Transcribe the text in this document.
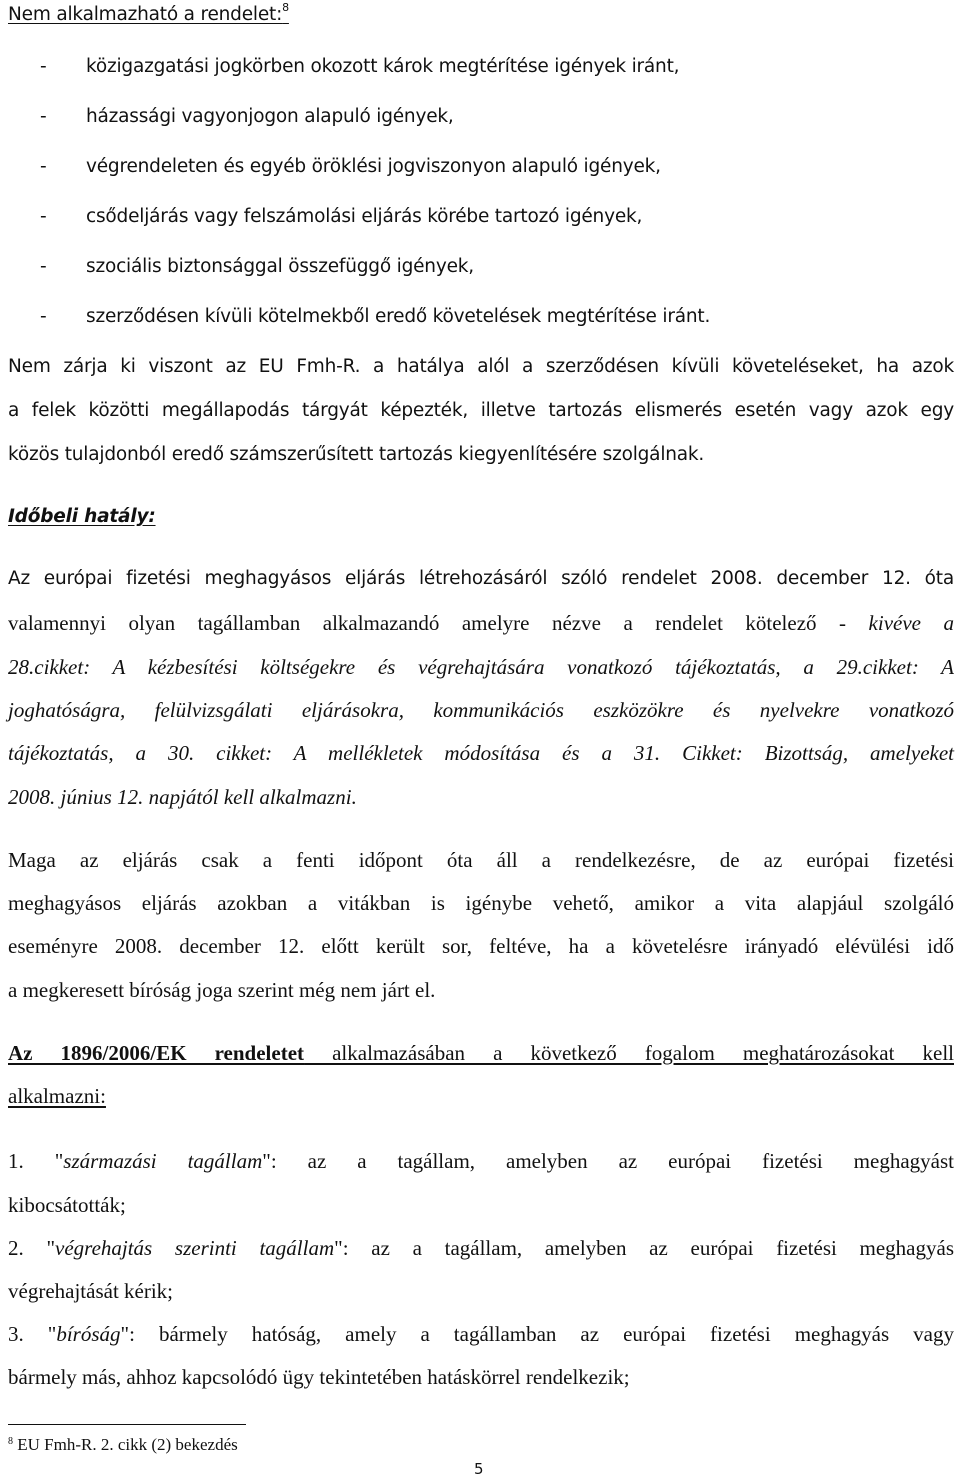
Nem alkalmazható a rendelet:$^8$
- közigazgatási jogkörben okozott károk megtérítése igények iránt,
- házassági vagyonjogon alapuló igények,
- végrendeleten és egyéb öröklési jogviszonyon alapuló igények,
- csődeljárás vagy felszámolási eljárás körébe tartozó igények,
- szociális biztonsággal összefüggő igények,
- szerződésen kívüli kötelmekből eredő követelések megtérítése iránt.
Nem zárja ki viszont az EU Fmh-R. a hatálya alól a szerződésen kívüli követeléseket, ha azok
a felek közötti megállapodás tárgyát képezték, illetve tartozás elismerés esetén vagy azok egy
közös tulajdonból eredő számszerűsített tartozás kiegyenlítésére szolgálnak.
Időbeli hatály:
Az európai fizetési meghagyásos eljárás létrehozásáról szóló rendelet 2008. december 12. óta
valamennyi olyan tagállamban alkalmazandó amelyre nézve a rendelet kötelező - kivéve a
28.cikket: A kézbesítési költségekre és végrehajtására vonatkozó tájékoztatás, a 29.cikket: A
joghatóságra, felülvizsgálati eljárásokra, kommunikációs eszközökre és nyelvekre vonatkozó
tájékoztatás, a 30. cikket: A mellékletek módosítása és a 31. Cikket: Bizottság, amelyeket
2008. június 12. napjától kell alkalmazni.
Maga az eljárás csak a fenti időpont óta áll a rendelkezésre, de az európai fizetési
meghagyásos eljárás azokban a vitákban is igénybe vehető, amikor a vita alapjául szolgáló
eseményre 2008. december 12. előtt került sor, feltéve, ha a követelésre irányadó elévülési idő
a megkeresett bíróság joga szerint még nem járt el.
Az 1896/2006/EK rendeletet alkalmazásában a következő fogalom meghatározásokat kell
alkalmazni:
1. "származási tagállam": az a tagállam, amelyben az európai fizetési meghagyást
kibocsátották;
2. "végrehajtás szerinti tagállam": az a tagállam, amelyben az európai fizetési meghagyás
végrehajtását kérik;
3. "bíróság": bármely hatóság, amely a tagállamban az európai fizetési meghagyás vagy
bármely más, ahhoz kapcsolódó ügy tekintetében hatáskörrel rendelkezik;
$^8$ EU Fmh-R. 2. cikk (2) bekezdés
5
